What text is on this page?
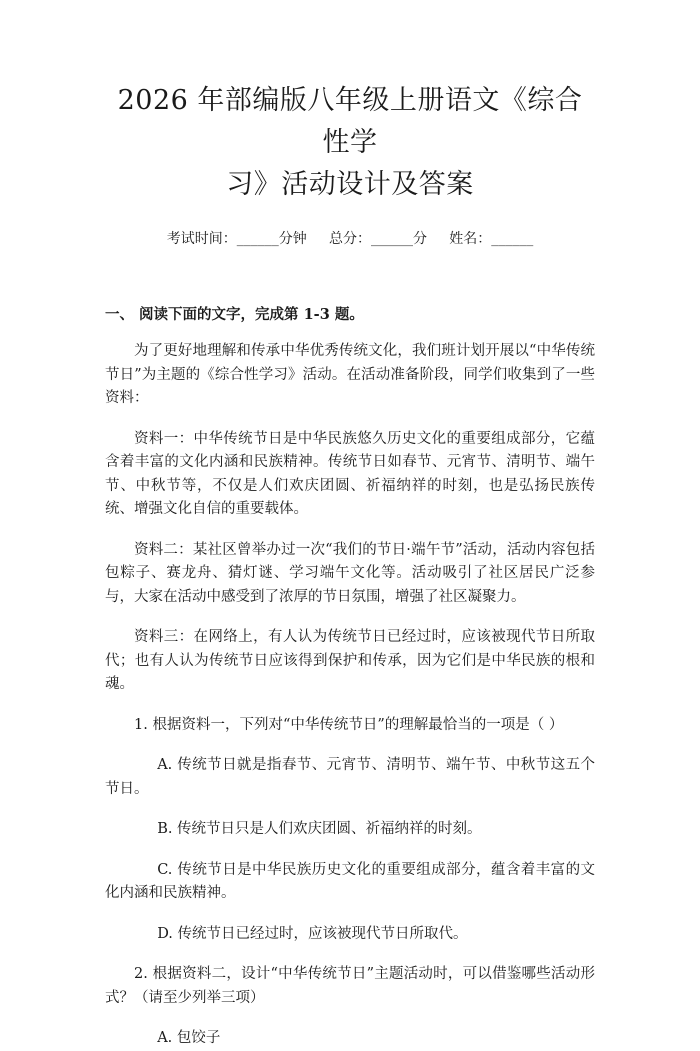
2026 年部编版八年级上册语文《综合性学
习》活动设计及答案
考试时间：______分钟     总分：______分     姓名：______
一、 阅读下面的文字，完成第 1-3 题。

为了更好地理解和传承中华优秀传统文化，我们班计划开展以“中华传统节日”为主题的《综合性学习》活动。在活动准备阶段，同学们收集到了一些资料：

资料一：中华传统节日是中华民族悠久历史文化的重要组成部分，它蕴含着丰富的文化内涵和民族精神。传统节日如春节、元宵节、清明节、端午节、中秋节等，不仅是人们欢庆团圆、祈福纳祥的时刻，也是弘扬民族传统、增强文化自信的重要载体。

资料二：某社区曾举办过一次“我们的节日·端午节”活动，活动内容包括包粽子、赛龙舟、猜灯谜、学习端午文化等。活动吸引了社区居民广泛参与，大家在活动中感受到了浓厚的节日氛围，增强了社区凝聚力。

资料三：在网络上，有人认为传统节日已经过时，应该被现代节日所取代；也有人认为传统节日应该得到保护和传承，因为它们是中华民族的根和魂。

1. 根据资料一，下列对“中华传统节日”的理解最恰当的一项是（ ）

A. 传统节日就是指春节、元宵节、清明节、端午节、中秋节这五个节日。

B. 传统节日只是人们欢庆团圆、祈福纳祥的时刻。

C. 传统节日是中华民族历史文化的重要组成部分，蕴含着丰富的文化内涵和民族精神。

D. 传统节日已经过时，应该被现代节日所取代。

2. 根据资料二，设计“中华传统节日”主题活动时，可以借鉴哪些活动形式？（请至少列举三项）

A. 包饺子
